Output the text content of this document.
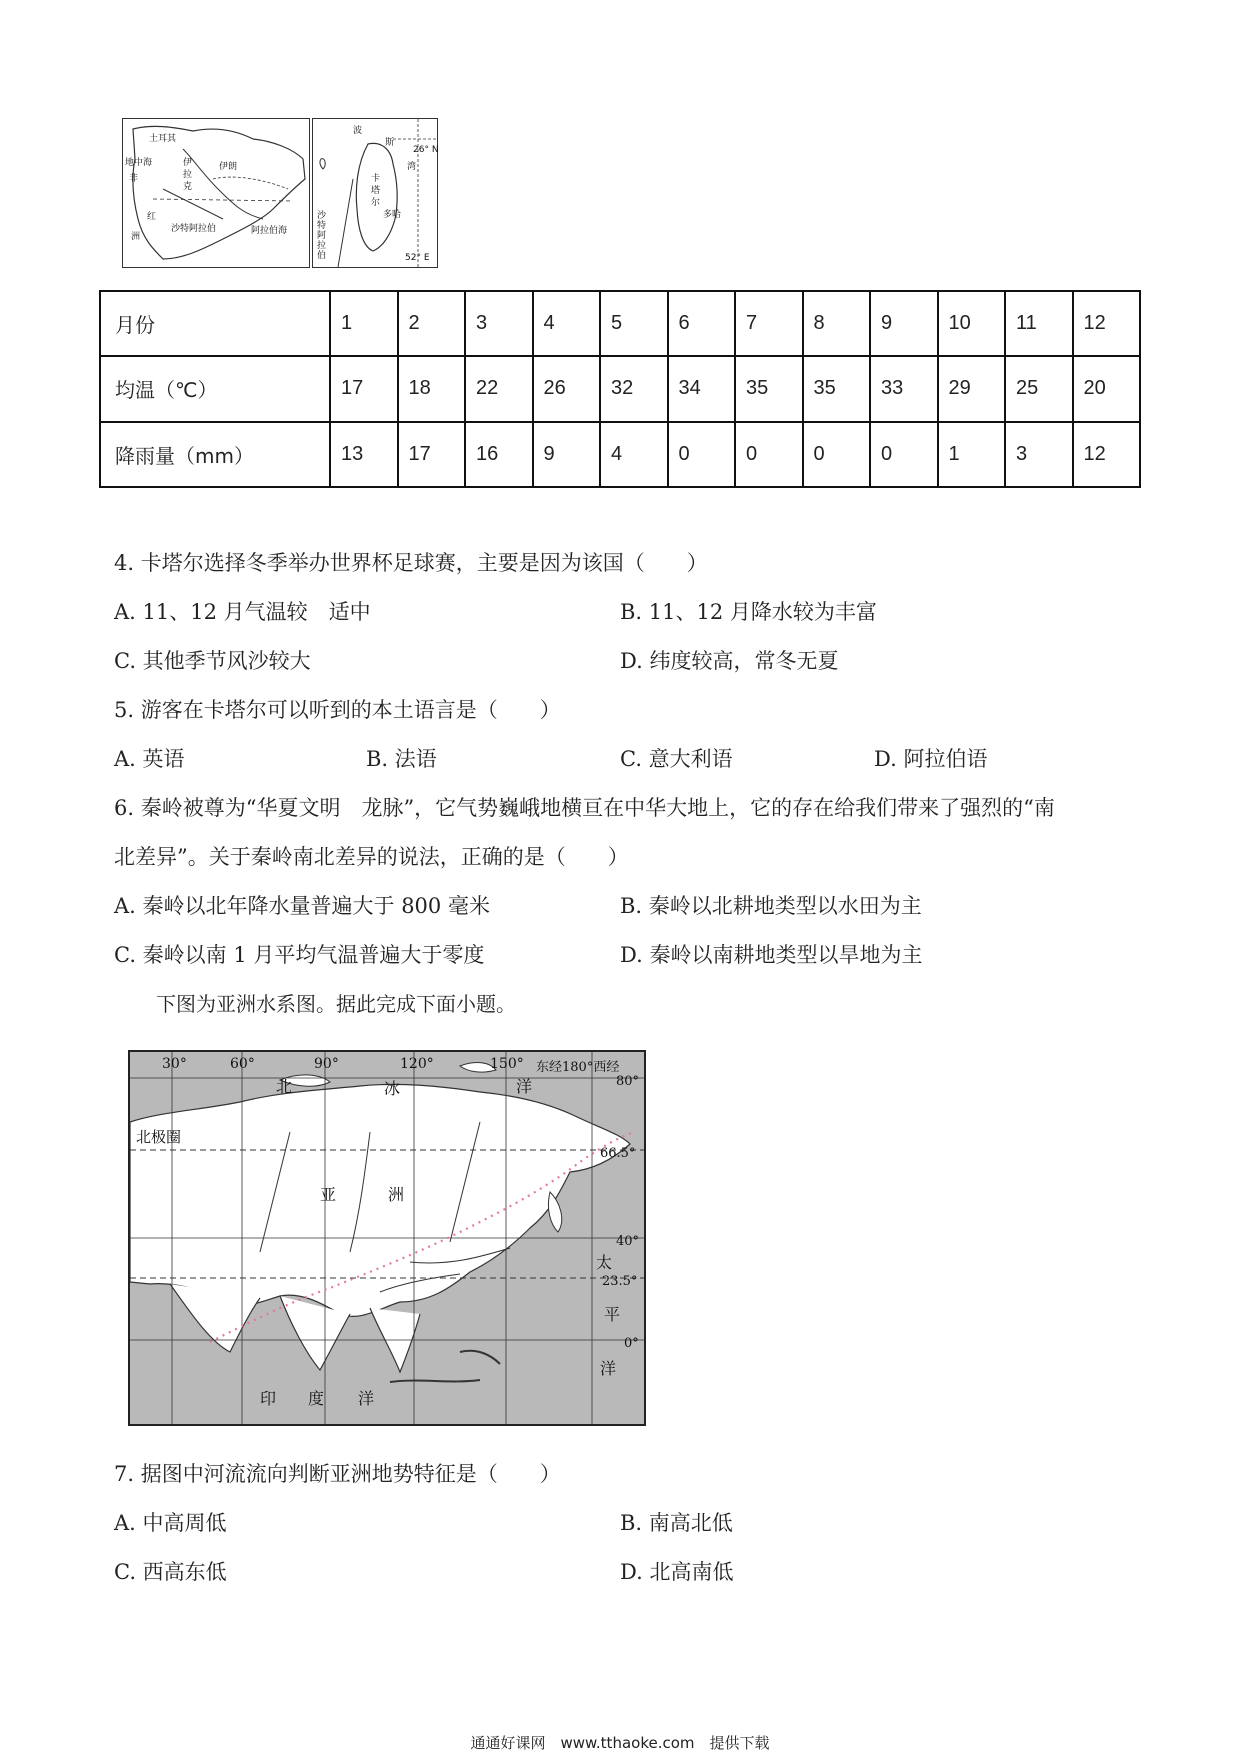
土耳其
地中海
非
伊
拉
克
伊朗
红
沙特阿拉伯	阿拉伯海
洲
波
斯
湾
卡
塔
尔
多哈
沙特阿拉伯
26° N
52° E
月份	1	2	3	4	5	6	7	8	9	10	11	12
均温（℃）	17	18	22	26	32	34	35	35	33	29	25	20
降雨量（mm）	13	17	16	9	4	0	0	0	0	1	3	12
4. 卡塔尔选择冬季举办世界杯足球赛，主要是因为该国（　　）
A. 11、12 月气温较　适中	B. 11、12 月降水较为丰富
C. 其他季节风沙较大	D. 纬度较高，常冬无夏
5. 游客在卡塔尔可以听到的本土语言是（　　）
A. 英语	B. 法语	C. 意大利语	D. 阿拉伯语
6. 秦岭被尊为“华夏文明　龙脉”，它气势巍峨地横亘在中华大地上，它的存在给我们带来了强烈的“南
北差异”。关于秦岭南北差异的说法，正确的是（　　）
A. 秦岭以北年降水量普遍大于 800 毫米	B. 秦岭以北耕地类型以水田为主
C. 秦岭以南 1 月平均气温普遍大于零度	D. 秦岭以南耕地类型以旱地为主
下图为亚洲水系图。据此完成下面小题。
30°	60°	90°	120°	150° 东经180°西经
80°
66.5°
40°
23.5°
0°
北	冰	洋
北极圈
亚	洲
太
平
洋
印 度 洋
7. 据图中河流流向判断亚洲地势特征是（　　）
A. 中高周低	B. 南高北低
C. 西高东低	D. 北高南低
通通好课网　www.tthaoke.com　提供下载
